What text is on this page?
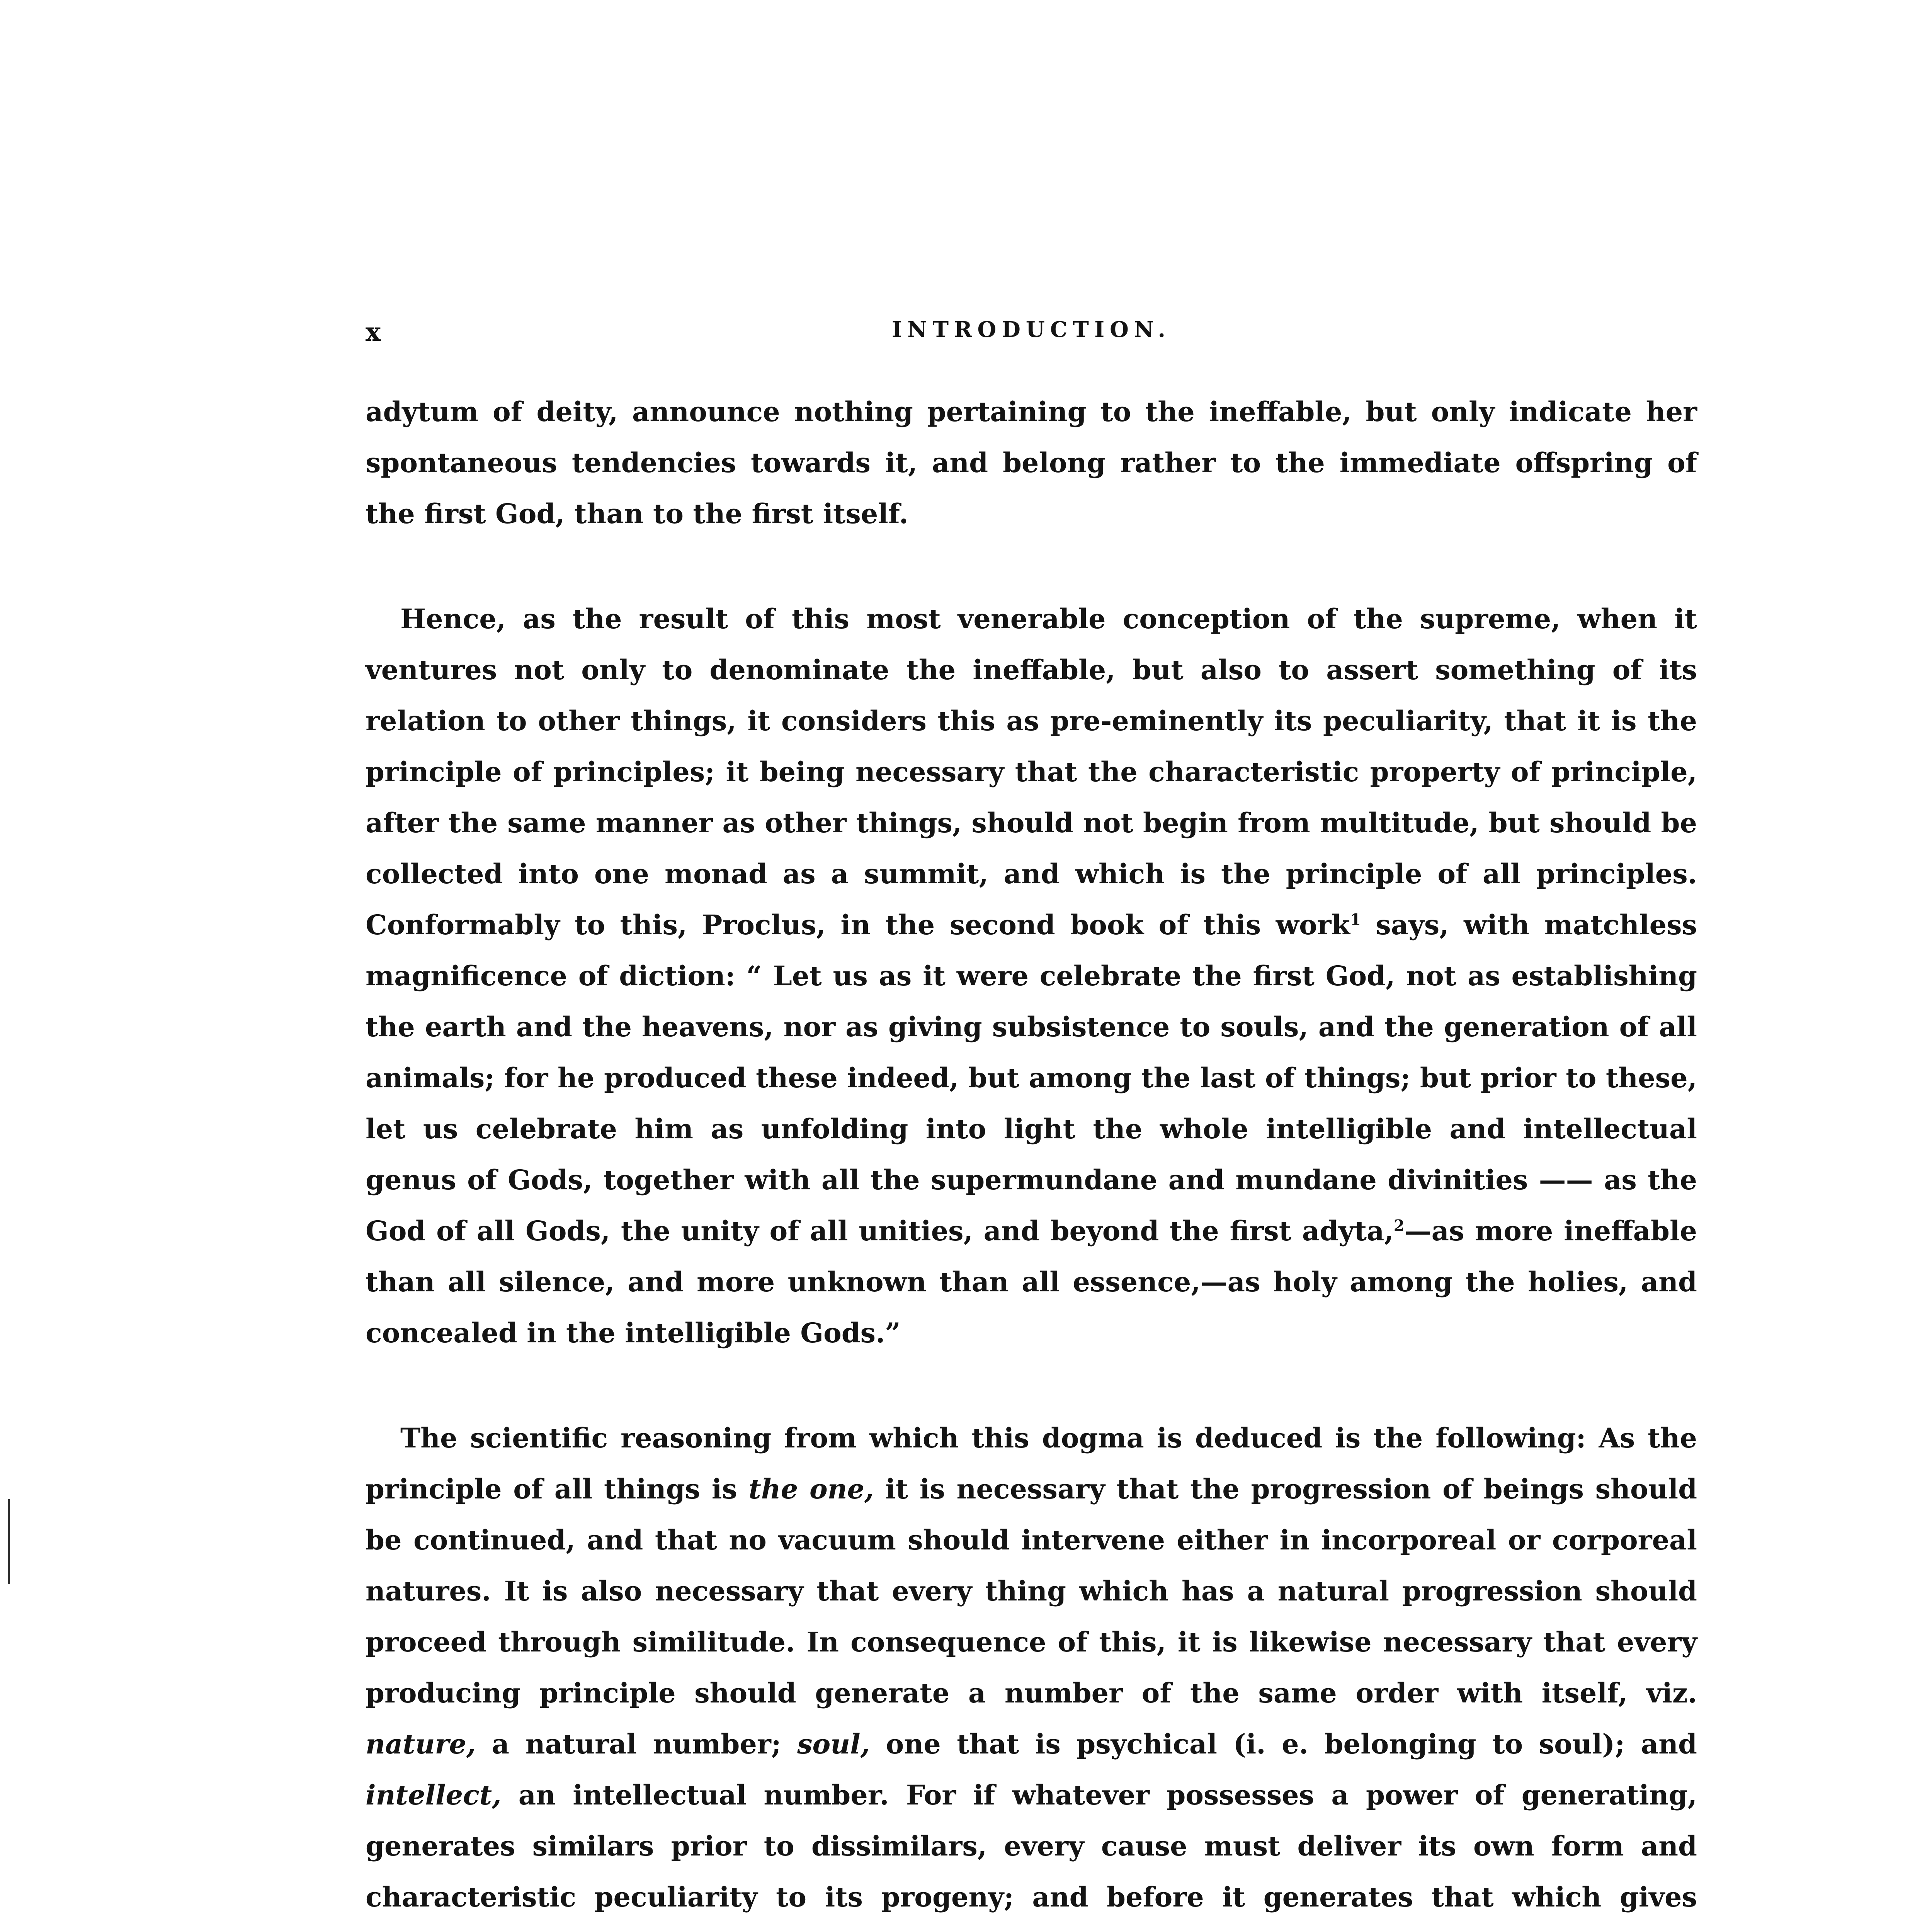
x	INTRODUCTION.

adytum of deity, announce nothing pertaining to the ineffable, but only indicate her spontaneous tendencies towards it, and belong rather to the immediate offspring of the first God, than to the first itself.

Hence, as the result of this most venerable conception of the supreme, when it ventures not only to denominate the ineffable, but also to assert something of its relation to other things, it considers this as pre-eminently its peculiarity, that it is the principle of principles; it being necessary that the characteristic property of principle, after the same manner as other things, should not begin from multitude, but should be collected into one monad as a summit, and which is the principle of all principles. Conformably to this, Proclus, in the second book of this work$^1$ says, with matchless magnificence of diction: “ Let us as it were celebrate the first God, not as establishing the earth and the heavens, nor as giving subsistence to souls, and the generation of all animals; for he produced these indeed, but among the last of things; but prior to these, let us celebrate him as unfolding into light the whole intelligible and intellectual genus of Gods, together with all the supermundane and mundane divinities —— as the God of all Gods, the unity of all unities, and beyond the first adyta,$^2$—as more ineffable than all silence, and more unknown than all essence,—as holy among the holies, and concealed in the intelligible Gods.”

The scientific reasoning from which this dogma is deduced is the following: As the principle of all things is the one, it is necessary that the progression of beings should be continued, and that no vacuum should intervene either in incorporeal or corporeal natures. It is also necessary that every thing which has a natural progression should proceed through similitude. In consequence of this, it is likewise necessary that every producing principle should generate a number of the same order with itself, viz. nature, a natural number; soul, one that is psychical (i. e. belonging to soul); and intellect, an intellectual number. For if whatever possesses a power of generating, generates similars prior to dissimilars, every cause must deliver its own form and characteristic peculiarity to its progeny; and before it generates that which gives
